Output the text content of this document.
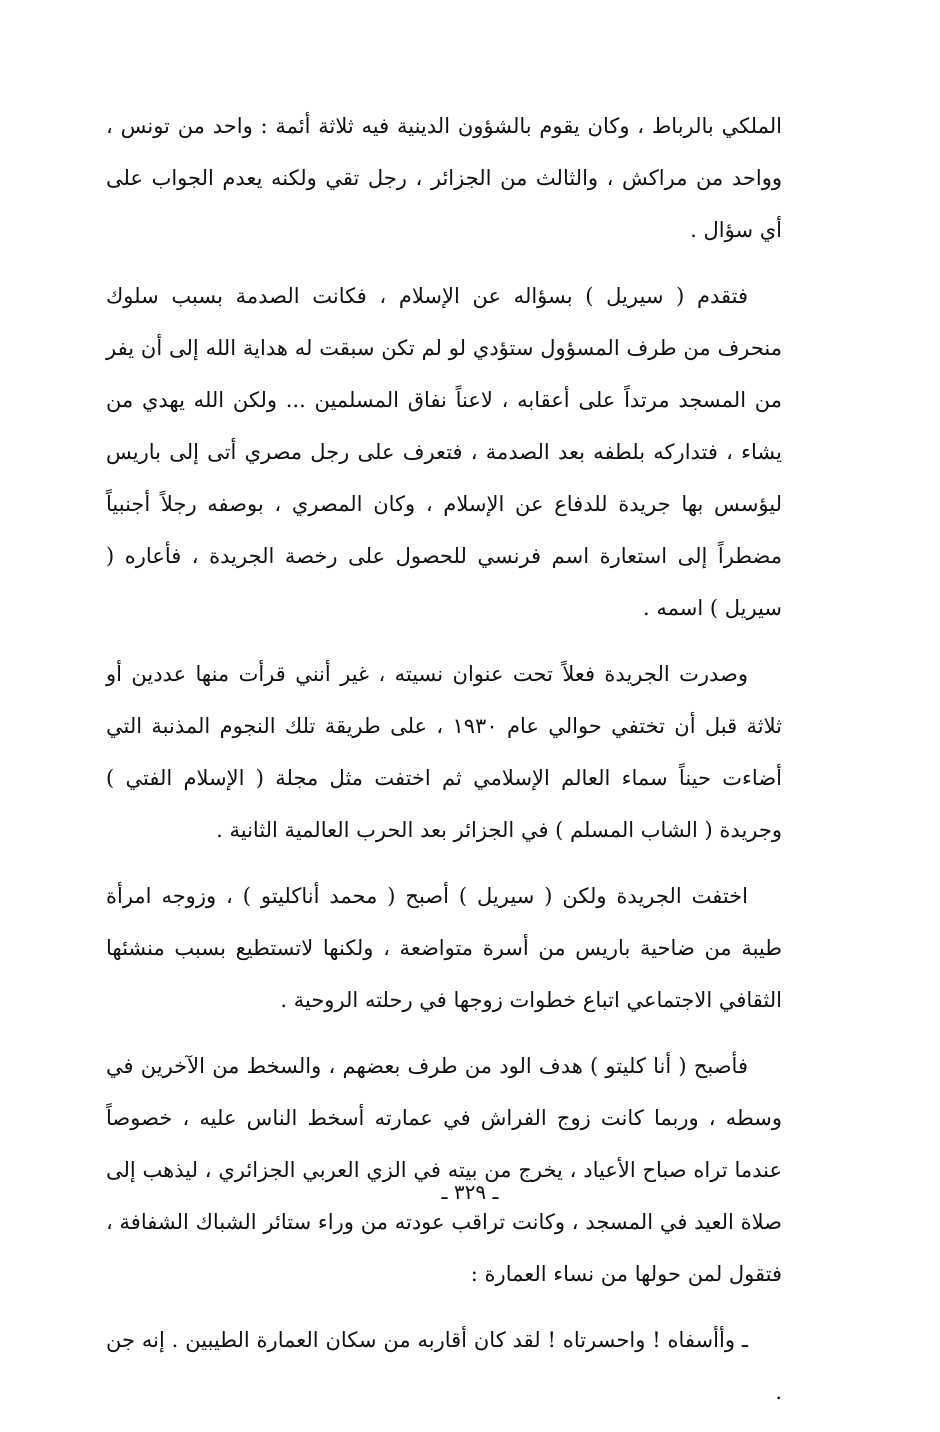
الملكي بالرباط ، وكان يقوم بالشؤون الدينية فيه ثلاثة أئمة : واحد من تونس ، وواحد من مراكش ، والثالث من الجزائر ، رجل تقي ولكنه يعدم الجواب على أي سؤال .

فتقدم ( سيريل ) بسؤاله عن الإسلام ، فكانت الصدمة بسبب سلوك منحرف من طرف المسؤول ستؤدي لو لم تكن سبقت له هداية الله إلى أن يفر من المسجد مرتداً على أعقابه ، لاعناً نفاق المسلمين ... ولكن الله يهدي من يشاء ، فتداركه بلطفه بعد الصدمة ، فتعرف على رجل مصري أتى إلى باريس ليؤسس بها جريدة للدفاع عن الإسلام ، وكان المصري ، بوصفه رجلاً أجنبياً مضطراً إلى استعارة اسم فرنسي للحصول على رخصة الجريدة ، فأعاره ( سيريل ) اسمه .

وصدرت الجريدة فعلاً تحت عنوان نسيته ، غير أنني قرأت منها عددين أو ثلاثة قبل أن تختفي حوالي عام ١٩٣٠ ، على طريقة تلك النجوم المذنبة التي أضاءت حيناً سماء العالم الإسلامي ثم اختفت مثل مجلة ( الإسلام الفتي ) وجريدة ( الشاب المسلم ) في الجزائر بعد الحرب العالمية الثانية .

اختفت الجريدة ولكن ( سيريل ) أصبح ( محمد أناكليتو ) ، وزوجه امرأة طيبة من ضاحية باريس من أسرة متواضعة ، ولكنها لاتستطيع بسبب منشئها الثقافي الاجتماعي اتباع خطوات زوجها في رحلته الروحية .

فأصبح ( أنا كليتو ) هدف الود من طرف بعضهم ، والسخط من الآخرين في وسطه ، وربما كانت زوج الفراش في عمارته أسخط الناس عليه ، خصوصاً عندما تراه صباح الأعياد ، يخرج من بيته في الزي العربي الجزائري ، ليذهب إلى صلاة العيد في المسجد ، وكانت تراقب عودته من وراء ستائر الشباك الشفافة ، فتقول لمن حولها من نساء العمارة :

ـ وأأسفاه ! واحسرتاه ! لقد كان أقاربه من سكان العمارة الطيبين . إنه جن .

ـ ٣٢٩ ـ
